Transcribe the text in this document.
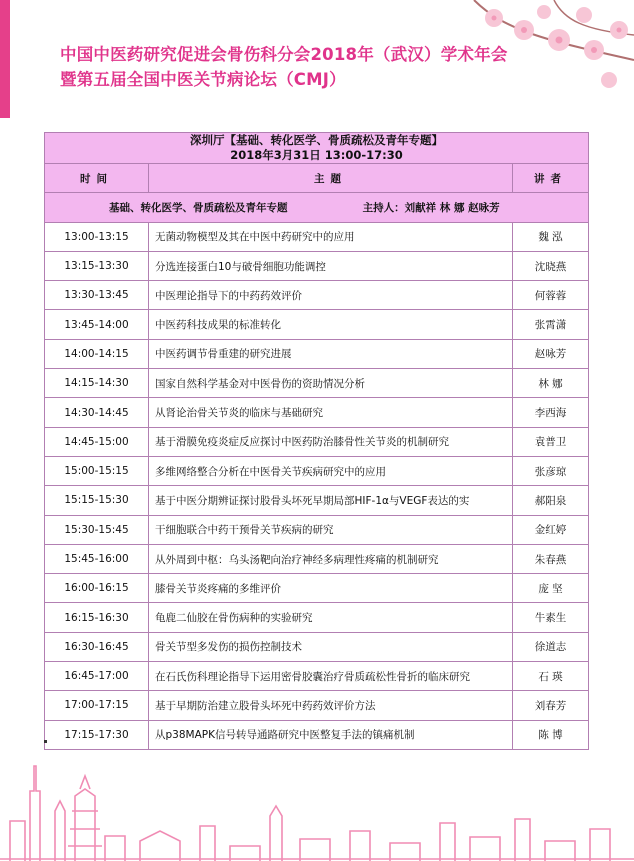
中国中医药研究促进会骨伤科分会2018年（武汉）学术年会
暨第五届全国中医关节病论坛（CMJ）
深圳厅【基础、转化医学、骨质疏松及青年专题】
2018年3月31日 13:00-17:30		

时间	主题	讲者
基础、转化医学、骨质疏松及青年专题 主持人：刘献祥 林 娜 赵咏芳		
13:00-13:15	无菌动物模型及其在中医中药研究中的应用	魏 泓
13:15-13:30	分选连接蛋白10与破骨细胞功能调控	沈晓燕
13:30-13:45	中医理论指导下的中药药效评价	何蓉蓉
13:45-14:00	中医药科技成果的标准转化	张霄潇
14:00-14:15	中医药调节骨重建的研究进展	赵咏芳
14:15-14:30	国家自然科学基金对中医骨伤的资助情况分析	林 娜
14:30-14:45	从肾论治骨关节炎的临床与基础研究	李西海
14:45-15:00	基于滑膜免疫炎症反应探讨中医药防治膝骨性关节炎的机制研究	袁普卫
15:00-15:15	多维网络整合分析在中医骨关节疾病研究中的应用	张彦琼
15:15-15:30	基于中医分期辨证探讨股骨头坏死早期局部HIF-1α与VEGF表达的实	郝阳泉
15:30-15:45	干细胞联合中药干预骨关节疾病的研究	金红婷
15:45-16:00	从外周到中枢：乌头汤靶向治疗神经多病理性疼痛的机制研究	朱春燕
16:00-16:15	膝骨关节炎疼痛的多维评价	庞 坚
16:15-16:30	龟鹿二仙胶在骨伤病种的实验研究	牛素生
16:30-16:45	骨关节型多发伤的损伤控制技术	徐道志
16:45-17:00	在石氏伤科理论指导下运用密骨胶囊治疗骨质疏松性骨折的临床研究	石 瑛
17:00-17:15	基于早期防治建立股骨头坏死中药药效评价方法	刘春芳
17:15-17:30	从p38MAPK信号转导通路研究中医整复手法的镇痛机制	陈 博
